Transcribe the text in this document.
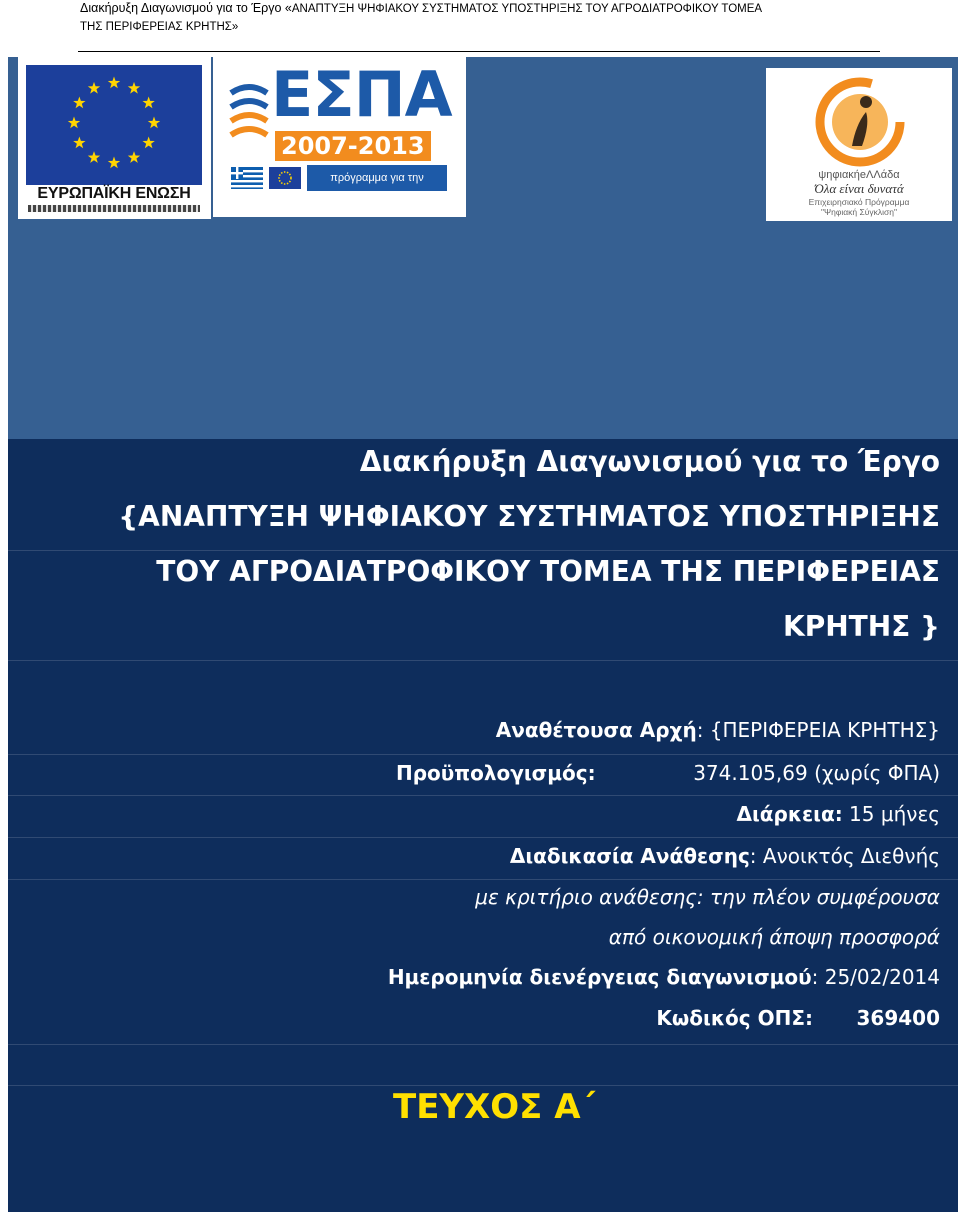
Διακήρυξη Διαγωνισμού για το Έργο «ΑΝΑΠΤΥΞΗ ΨΗΦΙΑΚΟΥ ΣΥΣΤΗΜΑΤΟΣ ΥΠΟΣΤΗΡΙΞΗΣ ΤΟΥ ΑΓΡΟΔΙΑΤΡΟΦΙΚΟΥ ΤΟΜΕΑ
ΤΗΣ ΠΕΡΙΦΕΡΕΙΑΣ ΚΡΗΤΗΣ»
ΕΥΡΩΠΑΪΚΗ ΕΝΩΣΗ
ΕΣΠΑ
2007-2013
πρόγραμμα για την ανάπτυξη
ψηφιακήeΛΛάδα
Όλα είναι δυνατά
Επιχειρησιακό Πρόγραμμα
"Ψηφιακή Σύγκλιση"
Διακήρυξη Διαγωνισμού για το Έργο
{ΑΝΑΠΤΥΞΗ ΨΗΦΙΑΚΟΥ ΣΥΣΤΗΜΑΤΟΣ ΥΠΟΣΤΗΡΙΞΗΣ
ΤΟΥ ΑΓΡΟΔΙΑΤΡΟΦΙΚΟΥ ΤΟΜΕΑ ΤΗΣ ΠΕΡΙΦΕΡΕΙΑΣ
ΚΡΗΤΗΣ }
Αναθέτουσα Αρχή: {ΠΕΡΙΦΕΡΕΙΑ ΚΡΗΤΗΣ}
Προϋπολογισμός:	374.105,69 (χωρίς ΦΠΑ)
Διάρκεια: 15 μήνες
Διαδικασία Ανάθεσης: Ανοικτός Διεθνής
με κριτήριο ανάθεσης: την πλέον συμφέρουσα
από οικονομική άποψη προσφορά
Ημερομηνία διενέργειας διαγωνισμού: 25/02/2014
Κωδικός ΟΠΣ: 369400
ΤΕΥΧΟΣ Α΄
